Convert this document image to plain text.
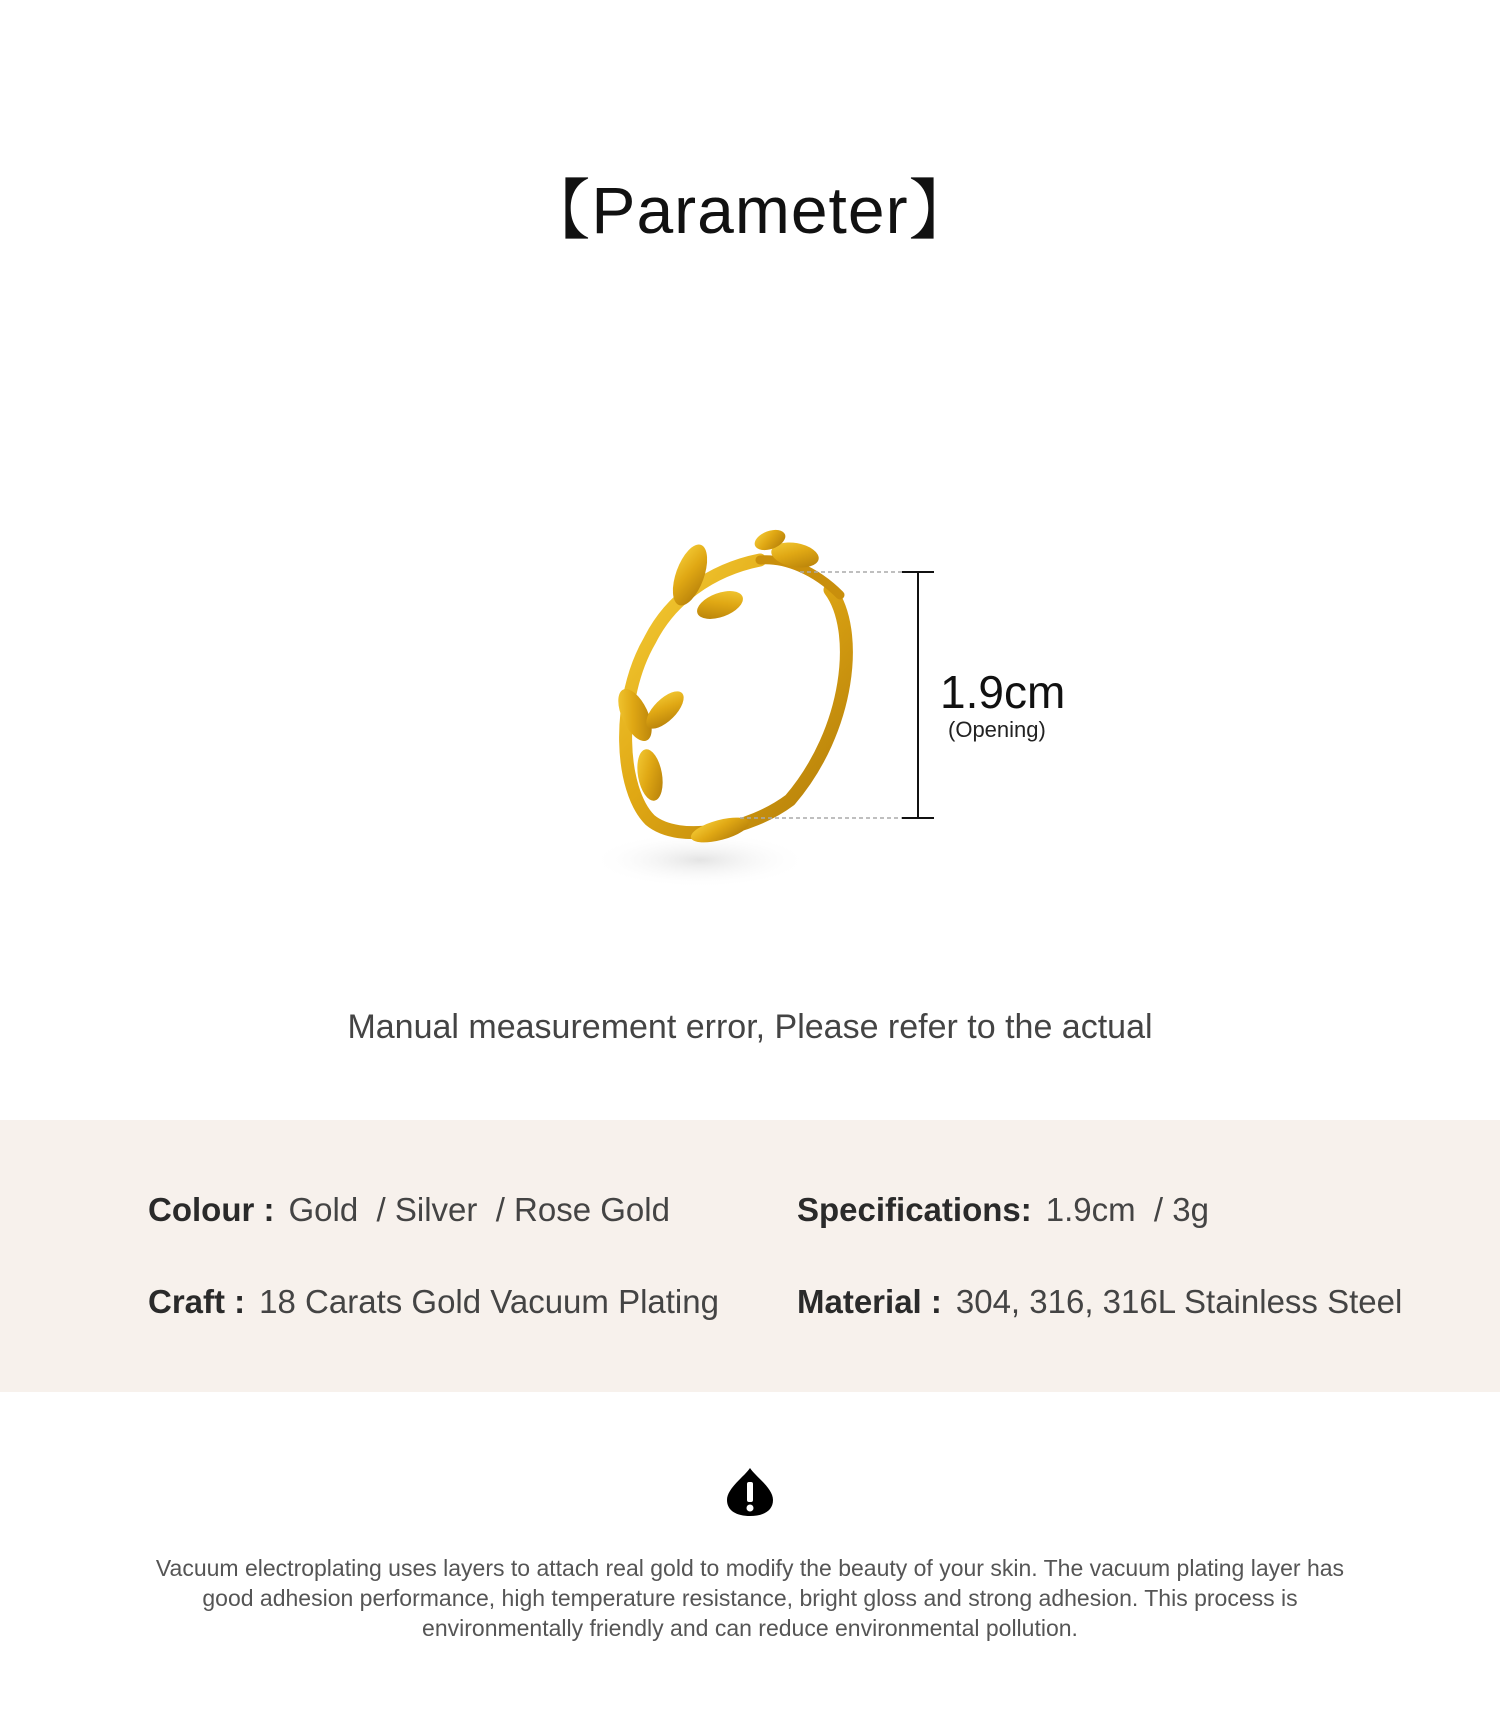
【Parameter】
1.9cm
(Opening)
Manual measurement error, Please refer to the actual
Colour : Gold  / Silver  / Rose Gold	Specifications: 1.9cm  / 3g
Craft : 18 Carats Gold Vacuum Plating Material : 304, 316, 316L Stainless Steel
Vacuum electroplating uses layers to attach real gold to modify the beauty of your skin. The vacuum plating layer has good adhesion performance, high temperature resistance, bright gloss and strong adhesion. This process is environmentally friendly and can reduce environmental pollution.
